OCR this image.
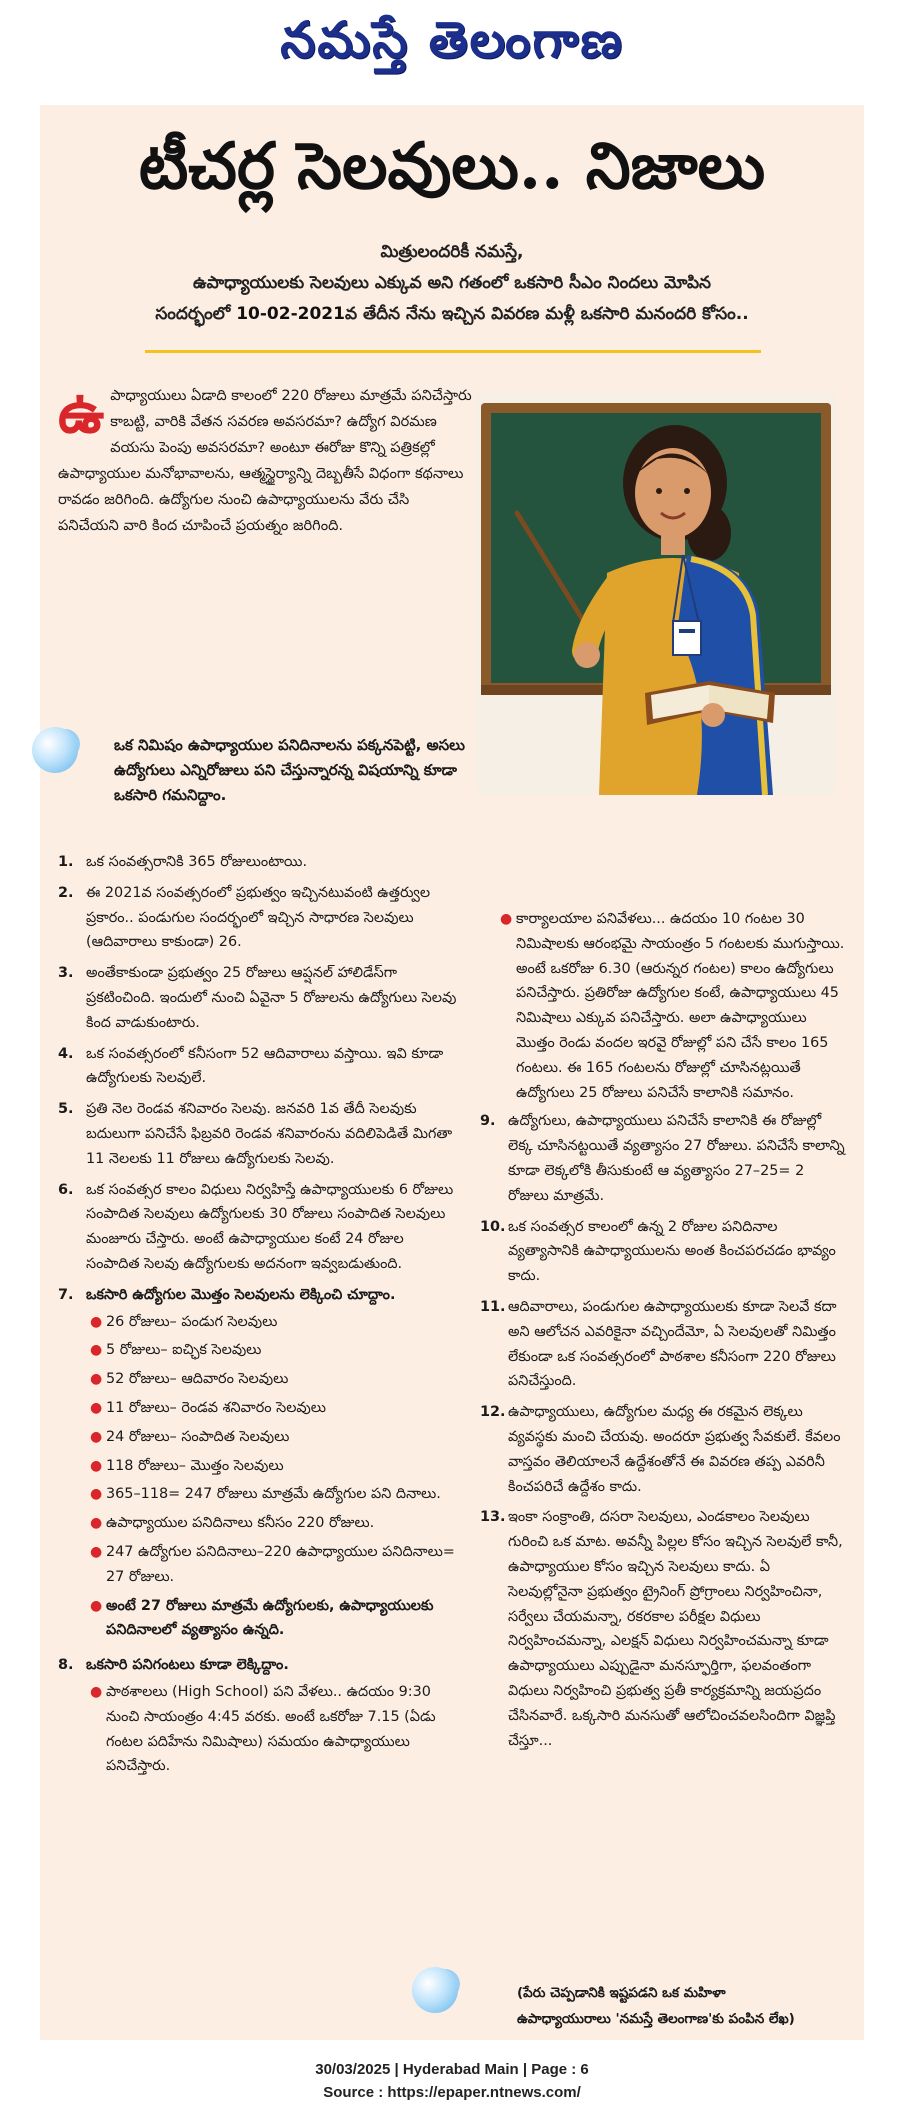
నమస్తే తెలంగాణ
టీచర్ల సెలవులు.. నిజాలు
మిత్రులందరికీ నమస్తే,
ఉపాధ్యాయులకు సెలవులు ఎక్కువ అని గతంలో ఒకసారి సీఎం నిందలు మోపిన
సందర్భంలో 10-02-2021వ తేదీన నేను ఇచ్చిన వివరణ మళ్లీ ఒకసారి మనందరి కోసం..
ఉపాధ్యాయులు ఏడాది కాలంలో 220 రోజులు మాత్రమే పనిచేస్తారు కాబట్టి, వారికి వేతన సవరణ అవసరమా? ఉద్యోగ విరమణ వయసు పెంపు అవసరమా? అంటూ ఈరోజు కొన్ని పత్రికల్లో ఉపాధ్యాయుల మనోభావాలను, ఆత్మస్థైర్యాన్ని దెబ్బతీసే విధంగా కథనాలు రావడం జరిగింది. ఉద్యోగుల నుంచి ఉపాధ్యాయులను వేరు చేసి పనిచేయని వారి కింద చూపించే ప్రయత్నం జరిగింది.
ఒక నిమిషం ఉపాధ్యాయుల పనిదినాలను పక్కనపెట్టి, అసలు ఉద్యోగులు ఎన్నిరోజులు పని చేస్తున్నారన్న విషయాన్ని కూడా ఒకసారి గమనిద్దాం.
1. ఒక సంవత్సరానికి 365 రోజులుంటాయి.
2. ఈ 2021వ సంవత్సరంలో ప్రభుత్వం ఇచ్చినటువంటి ఉత్తర్వుల ప్రకారం.. పండుగుల సందర్భంలో ఇచ్చిన సాధారణ సెలవులు (ఆదివారాలు కాకుండా) 26.
3. అంతేకాకుండా ప్రభుత్వం 25 రోజులు ఆప్షనల్ హాలిడేస్‌గా ప్రకటించింది. ఇందులో నుంచి ఏవైనా 5 రోజులను ఉద్యోగులు సెలవు కింద వాడుకుంటారు.
4. ఒక సంవత్సరంలో కనీసంగా 52 ఆదివారాలు వస్తాయి. ఇవి కూడా ఉద్యోగులకు సెలవులే.
5. ప్రతి నెల రెండవ శనివారం సెలవు. జనవరి 1వ తేదీ సెలవుకు బదులుగా పనిచేసే ఫిబ్రవరి రెండవ శనివారంను వదిలిపెడితే మిగతా 11 నెలలకు 11 రోజులు ఉద్యోగులకు సెలవు.
6. ఒక సంవత్సర కాలం విధులు నిర్వహిస్తే ఉపాధ్యాయులకు 6 రోజులు సంపాదిత సెలవులు ఉద్యోగులకు 30 రోజులు సంపాదిత సెలవులు మంజూరు చేస్తారు. అంటే ఉపాధ్యాయుల కంటే 24 రోజుల సంపాదిత సెలవు ఉద్యోగులకు అదనంగా ఇవ్వబడుతుంది.
7. ఒకసారి ఉద్యోగుల మొత్తం సెలవులను లెక్కించి చూద్దాం.
● 26 రోజులు– పండుగ సెలవులు
● 5 రోజులు– ఐచ్ఛిక సెలవులు
● 52 రోజులు– ఆదివారం సెలవులు
● 11 రోజులు– రెండవ శనివారం సెలవులు
● 24 రోజులు– సంపాదిత సెలవులు
● 118 రోజులు– మొత్తం సెలవులు
● 365–118= 247 రోజులు మాత్రమే ఉద్యోగుల పని దినాలు.
● ఉపాధ్యాయుల పనిదినాలు కనీసం 220 రోజులు.
● 247 ఉద్యోగుల పనిదినాలు–220 ఉపాధ్యాయుల పనిదినాలు= 27 రోజులు.
● అంటే 27 రోజులు మాత్రమే ఉద్యోగులకు, ఉపాధ్యాయులకు పనిదినాలలో వ్యత్యాసం ఉన్నది.
8. ఒకసారి పనిగంటలు కూడా లెక్కిద్దాం.
● పాఠశాలలు (High School) పని వేళలు.. ఉదయం 9:30 నుంచి సాయంత్రం 4:45 వరకు. అంటే ఒకరోజు 7.15 (ఏడు గంటల పదిహేను నిమిషాలు) సమయం ఉపాధ్యాయులు పనిచేస్తారు.
● కార్యాలయాల పనివేళలు... ఉదయం 10 గంటల 30 నిమిషాలకు ఆరంభమై సాయంత్రం 5 గంటలకు ముగుస్తాయి. అంటే ఒకరోజు 6.30 (ఆరున్నర గంటల) కాలం ఉద్యోగులు పనిచేస్తారు. ప్రతిరోజు ఉద్యోగుల కంటే, ఉపాధ్యాయులు 45 నిమిషాలు ఎక్కువ పనిచేస్తారు. అలా ఉపాధ్యాయులు మొత్తం రెండు వందల ఇరవై రోజుల్లో పని చేసే కాలం 165 గంటలు. ఈ 165 గంటలను రోజుల్లో చూసినట్లయితే ఉద్యోగులు 25 రోజులు పనిచేసే కాలానికి సమానం.
9. ఉద్యోగులు, ఉపాధ్యాయులు పనిచేసే కాలానికి ఈ రోజుల్లో లెక్క చూసినట్టయితే వ్యత్యాసం 27 రోజులు. పనిచేసే కాలాన్ని కూడా లెక్కలోకి తీసుకుంటే ఆ వ్యత్యాసం 27–25= 2 రోజులు మాత్రమే.
10. ఒక సంవత్సర కాలంలో ఉన్న 2 రోజుల పనిదినాల వ్యత్యాసానికి ఉపాధ్యాయులను అంత కించపరచడం భావ్యం కాదు.
11. ఆదివారాలు, పండుగుల ఉపాధ్యాయులకు కూడా సెలవే కదా అని ఆలోచన ఎవరికైనా వచ్చిందేమో, ఏ సెలవులతో నిమిత్తం లేకుండా ఒక సంవత్సరంలో పాఠశాల కనీసంగా 220 రోజులు పనిచేస్తుంది.
12. ఉపాధ్యాయులు, ఉద్యోగుల మధ్య ఈ రకమైన లెక్కలు వ్యవస్థకు మంచి చేయవు. అందరూ ప్రభుత్వ సేవకులే. కేవలం వాస్తవం తెలియాలనే ఉద్దేశంతోనే ఈ వివరణ తప్ప ఎవరినీ కించపరిచే ఉద్దేశం కాదు.
13. ఇంకా సంక్రాంతి, దసరా సెలవులు, ఎండకాలం సెలవులు గురించి ఒక మాట. అవన్నీ పిల్లల కోసం ఇచ్చిన సెలవులే కానీ, ఉపాధ్యాయుల కోసం ఇచ్చిన సెలవులు కాదు. ఏ సెలవుల్లోనైనా ప్రభుత్వం ట్రైనింగ్ ప్రోగ్రాంలు నిర్వహించినా, సర్వేలు చేయమన్నా, రకరకాల పరీక్షల విధులు నిర్వహించమన్నా, ఎలక్షన్ విధులు నిర్వహించమన్నా కూడా ఉపాధ్యాయులు ఎప్పుడైనా మనస్ఫూర్తిగా, ఫలవంతంగా విధులు నిర్వహించి ప్రభుత్వ ప్రతీ కార్యక్రమాన్ని జయప్రదం చేసినవారే. ఒక్కసారి మనసుతో ఆలోచించవలసిందిగా విజ్ఞప్తి చేస్తూ...
(పేరు చెప్పడానికి ఇష్టపడని ఒక మహిళా ఉపాధ్యాయురాలు 'నమస్తే తెలంగాణ'కు పంపిన లేఖ)
30/03/2025 | Hyderabad Main | Page : 6
Source : https://epaper.ntnews.com/
